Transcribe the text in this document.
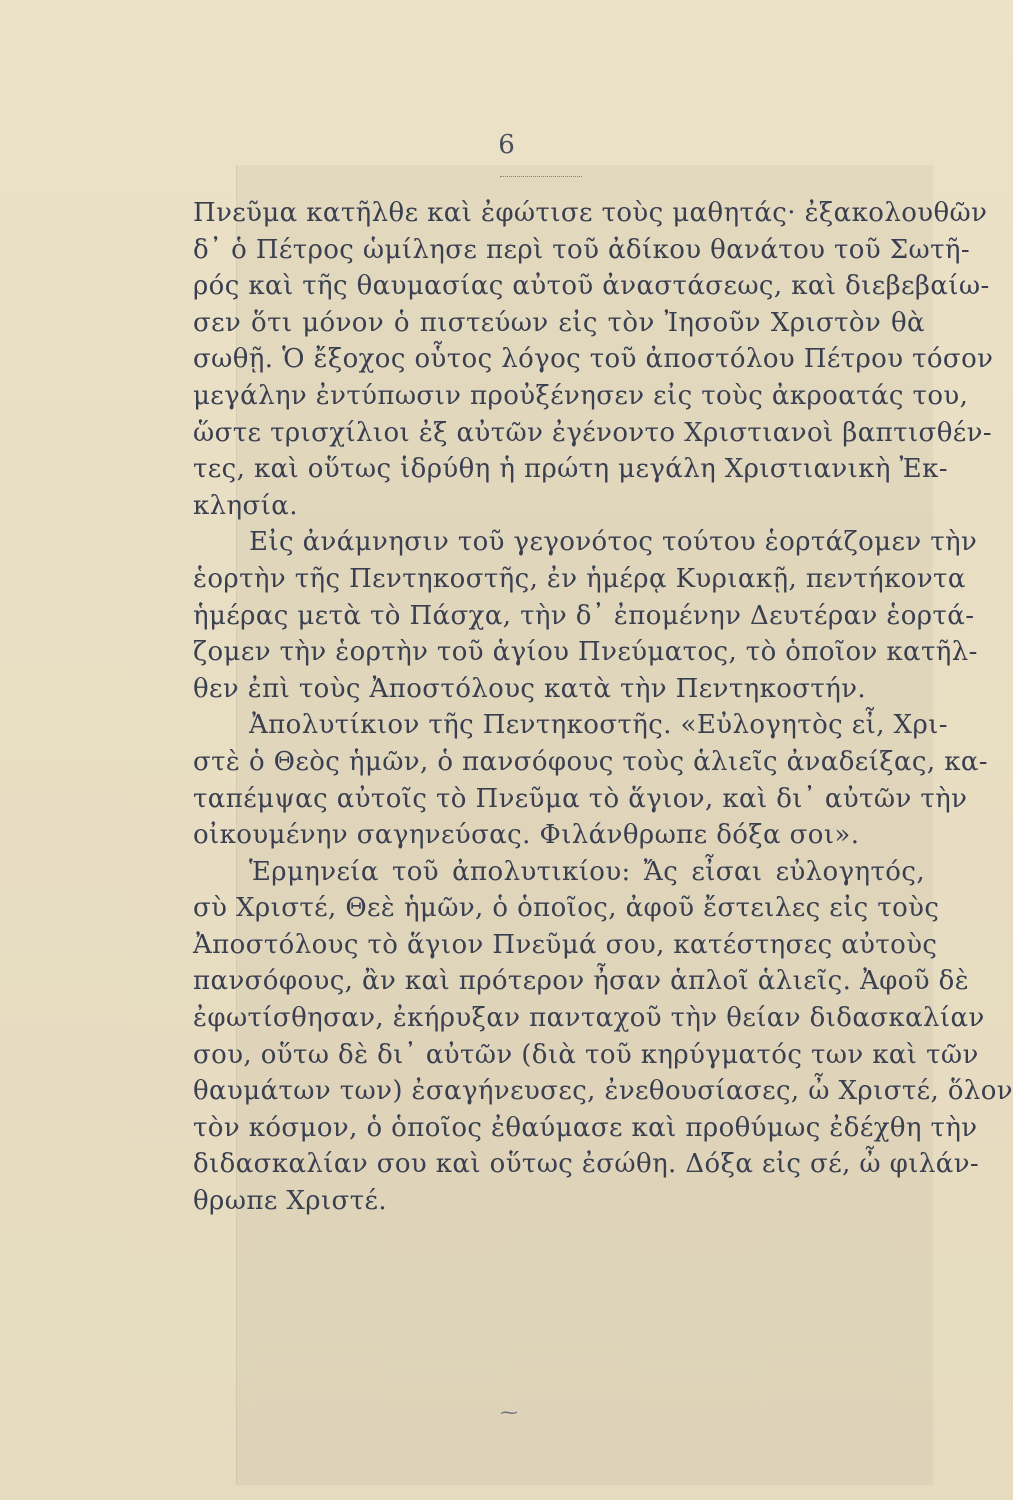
6
Πνεῦμα κατῆλθε καὶ ἐφώτισε τοὺς μαθητάς· ἐξακολουθῶν
δ᾽ ὁ Πέτρος ὡμίλησε περὶ τοῦ ἀδίκου θανάτου τοῦ Σωτῆ-
ρός καὶ τῆς θαυμασίας αὐτοῦ ἀναστάσεως, καὶ διεβεβαίω-
σεν ὅτι μόνον ὁ πιστεύων εἰς τὸν Ἰησοῦν Χριστὸν θὰ
σωθῇ. Ὁ ἔξοχος οὗτος λόγος τοῦ ἀποστόλου Πέτρου τόσον
μεγάλην ἐντύπωσιν προὐξένησεν εἰς τοὺς ἀκροατάς του,
ὥστε τρισχίλιοι ἐξ αὐτῶν ἐγένοντο Χριστιανοὶ βαπτισθέν-
τες, καὶ οὕτως ἱδρύθη ἡ πρώτη μεγάλη Χριστιανικὴ Ἐκ-
κλησία.
Εἰς ἀνάμνησιν τοῦ γεγονότος τούτου ἑορτάζομεν τὴν
ἑορτὴν τῆς Πεντηκοστῆς, ἐν ἡμέρᾳ Κυριακῇ, πεντήκοντα
ἡμέρας μετὰ τὸ Πάσχα, τὴν δ᾽ ἐπομένην Δευτέραν ἑορτά-
ζομεν τὴν ἑορτὴν τοῦ ἁγίου Πνεύματος, τὸ ὁποῖον κατῆλ-
θεν ἐπὶ τοὺς Ἀποστόλους κατὰ τὴν Πεντηκοστήν.
Ἀπολυτίκιον τῆς Πεντηκοστῆς. «Εὐλογητὸς εἶ, Χρι-
στὲ ὁ Θεὸς ἡμῶν, ὁ πανσόφους τοὺς ἁλιεῖς ἀναδείξας, κα-
ταπέμψας αὐτοῖς τὸ Πνεῦμα τὸ ἅγιον, καὶ δι᾽ αὐτῶν τὴν
οἰκουμένην σαγηνεύσας. Φιλάνθρωπε δόξα σοι».
Ἑρμηνεία τοῦ ἀπολυτικίου: Ἄς εἶσαι εὐλογητός,
σὺ Χριστέ, Θεὲ ἡμῶν, ὁ ὁποῖος, ἀφοῦ ἔστειλες εἰς τοὺς
Ἀποστόλους τὸ ἅγιον Πνεῦμά σου, κατέστησες αὐτοὺς
πανσόφους, ἂν καὶ πρότερον ἦσαν ἁπλοῖ ἁλιεῖς. Ἀφοῦ δὲ
ἐφωτίσθησαν, ἐκήρυξαν πανταχοῦ τὴν θείαν διδασκαλίαν
σου, οὕτω δὲ δι᾽ αὐτῶν (διὰ τοῦ κηρύγματός των καὶ τῶν
θαυμάτων των) ἐσαγήνευσες, ἐνεθουσίασες, ὦ Χριστέ, ὅλον
τὸν κόσμον, ὁ ὁποῖος ἐθαύμασε καὶ προθύμως ἐδέχθη τὴν
διδασκαλίαν σου καὶ οὕτως ἐσώθη. Δόξα εἰς σέ, ὦ φιλάν-
θρωπε Χριστέ.
⁓
